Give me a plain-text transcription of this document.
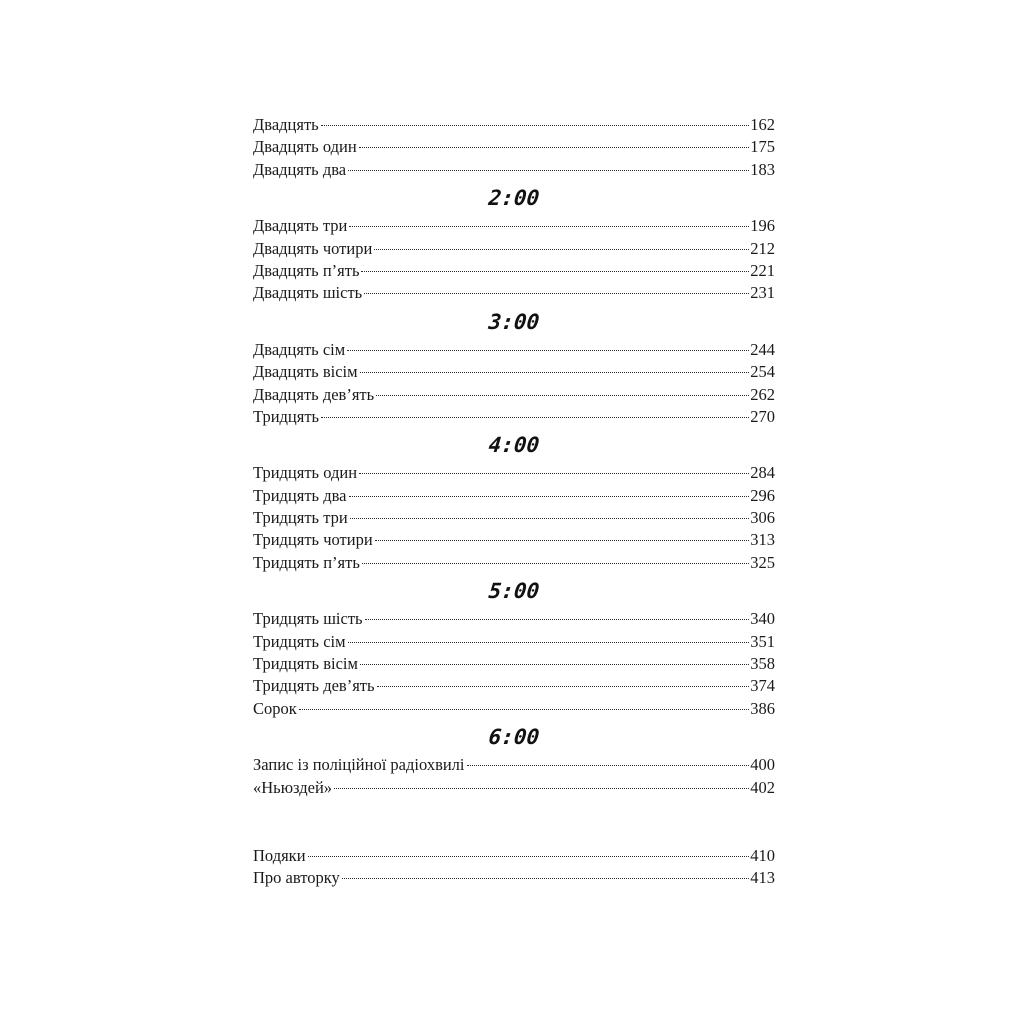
Двадцять	162
Двадцять один	175
Двадцять два	183
2:00
Двадцять три	196
Двадцять чотири	212
Двадцять п’ять	221
Двадцять шість	231
3:00
Двадцять сім	244
Двадцять вісім	254
Двадцять дев’ять	262
Тридцять	270
4:00
Тридцять один	284
Тридцять два	296
Тридцять три	306
Тридцять чотири	313
Тридцять п’ять	325
5:00
Тридцять шість	340
Тридцять сім	351
Тридцять вісім	358
Тридцять дев’ять	374
Сорок	386
6:00
Запис із поліційної радіохвилі	400
«Ньюздей»	402
Подяки	410
Про авторку	413
